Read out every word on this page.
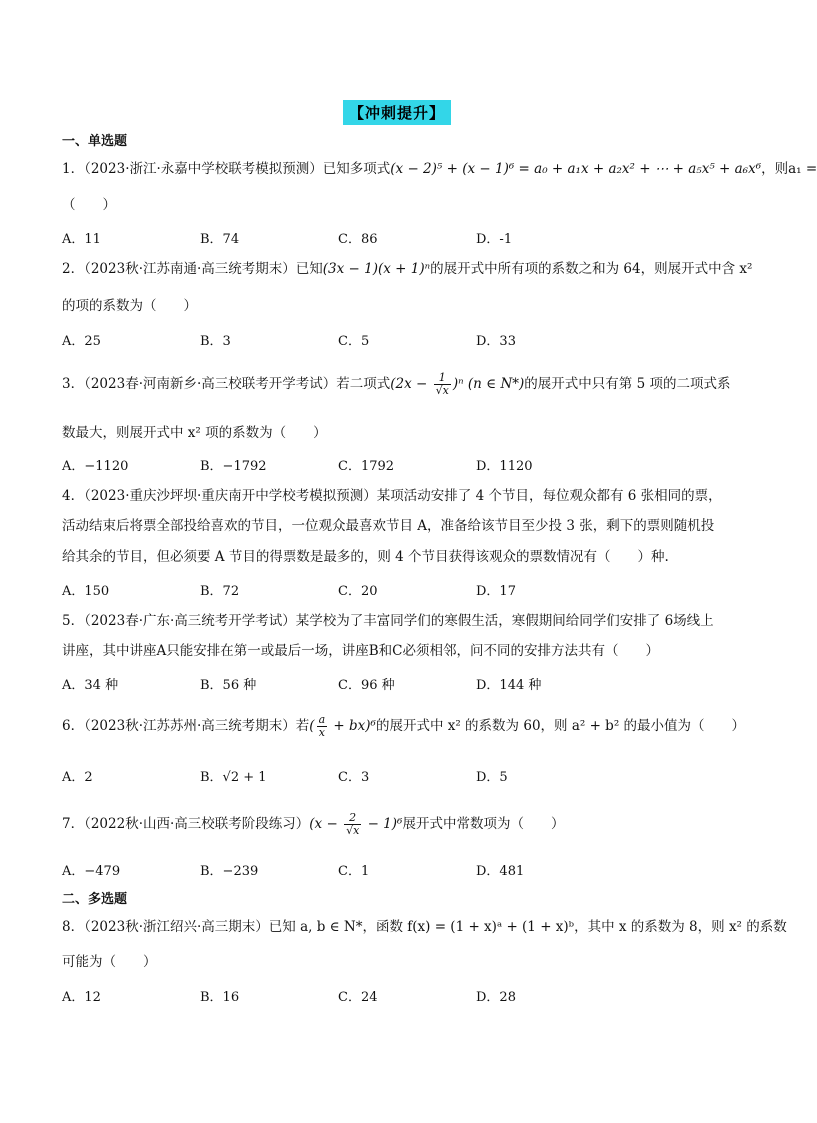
【冲刺提升】
一、单选题
1．（2023·浙江·永嘉中学校联考模拟预测）已知多项式(x − 2)⁵ + (x − 1)⁶ = a₀ + a₁x + a₂x² + ⋯ + a₅x⁵ + a₆x⁶，则a₁ =
（　　）
A．11	B．74	C．86	D．-1
2．（2023秋·江苏南通·高三统考期末）已知(3x − 1)(x + 1)ⁿ的展开式中所有项的系数之和为 64，则展开式中含 x²
的项的系数为（　　）
A．25	B．3	C．5	D．33
3．（2023春·河南新乡·高三校联考开学考试）若二项式$(2x - \frac{1}{√x} )^n$ (n ∈ N*)的展开式中只有第 5 项的二项式系
数最大，则展开式中 x² 项的系数为（　　）
A．−1120	B．−1792	C．1792	D．1120
4．（2023·重庆沙坪坝·重庆南开中学校考模拟预测）某项活动安排了 4 个节目，每位观众都有 6 张相同的票，
活动结束后将票全部投给喜欢的节目，一位观众最喜欢节目 A，准备给该节目至少投 3 张，剩下的票则随机投
给其余的节目，但必须要 A 节目的得票数是最多的，则 4 个节目获得该观众的票数情况有（　　）种.
A．150	B．72	C．20	D．17
5．（2023春·广东·高三统考开学考试）某学校为了丰富同学们的寒假生活，寒假期间给同学们安排了 6场线上
讲座，其中讲座A只能安排在第一或最后一场，讲座B和C必须相邻，问不同的安排方法共有（　　）
A．34 种	B．56 种	C．96 种	D．144 种
6．（2023秋·江苏苏州·高三统考期末）若( $\frac{a}{x} + bx)^6$的展开式中 x² 的系数为 60，则 a² + b² 的最小值为（　　）
A．2	B．√2 + 1	C．3	D．5
7．（2022秋·山西·高三校联考阶段练习）$(x - \frac{2}{√x} - 1)^6$展开式中常数项为（　　）
A．−479	B．−239	C．1	D．481
二、多选题
8．（2023秋·浙江绍兴·高三期末）已知 a, b ∈ N*，函数 f(x) = (1 + x)ᵃ + (1 + x)ᵇ，其中 x 的系数为 8，则 x² 的系数
可能为（　　）
A．12	B．16	C．24	D．28
